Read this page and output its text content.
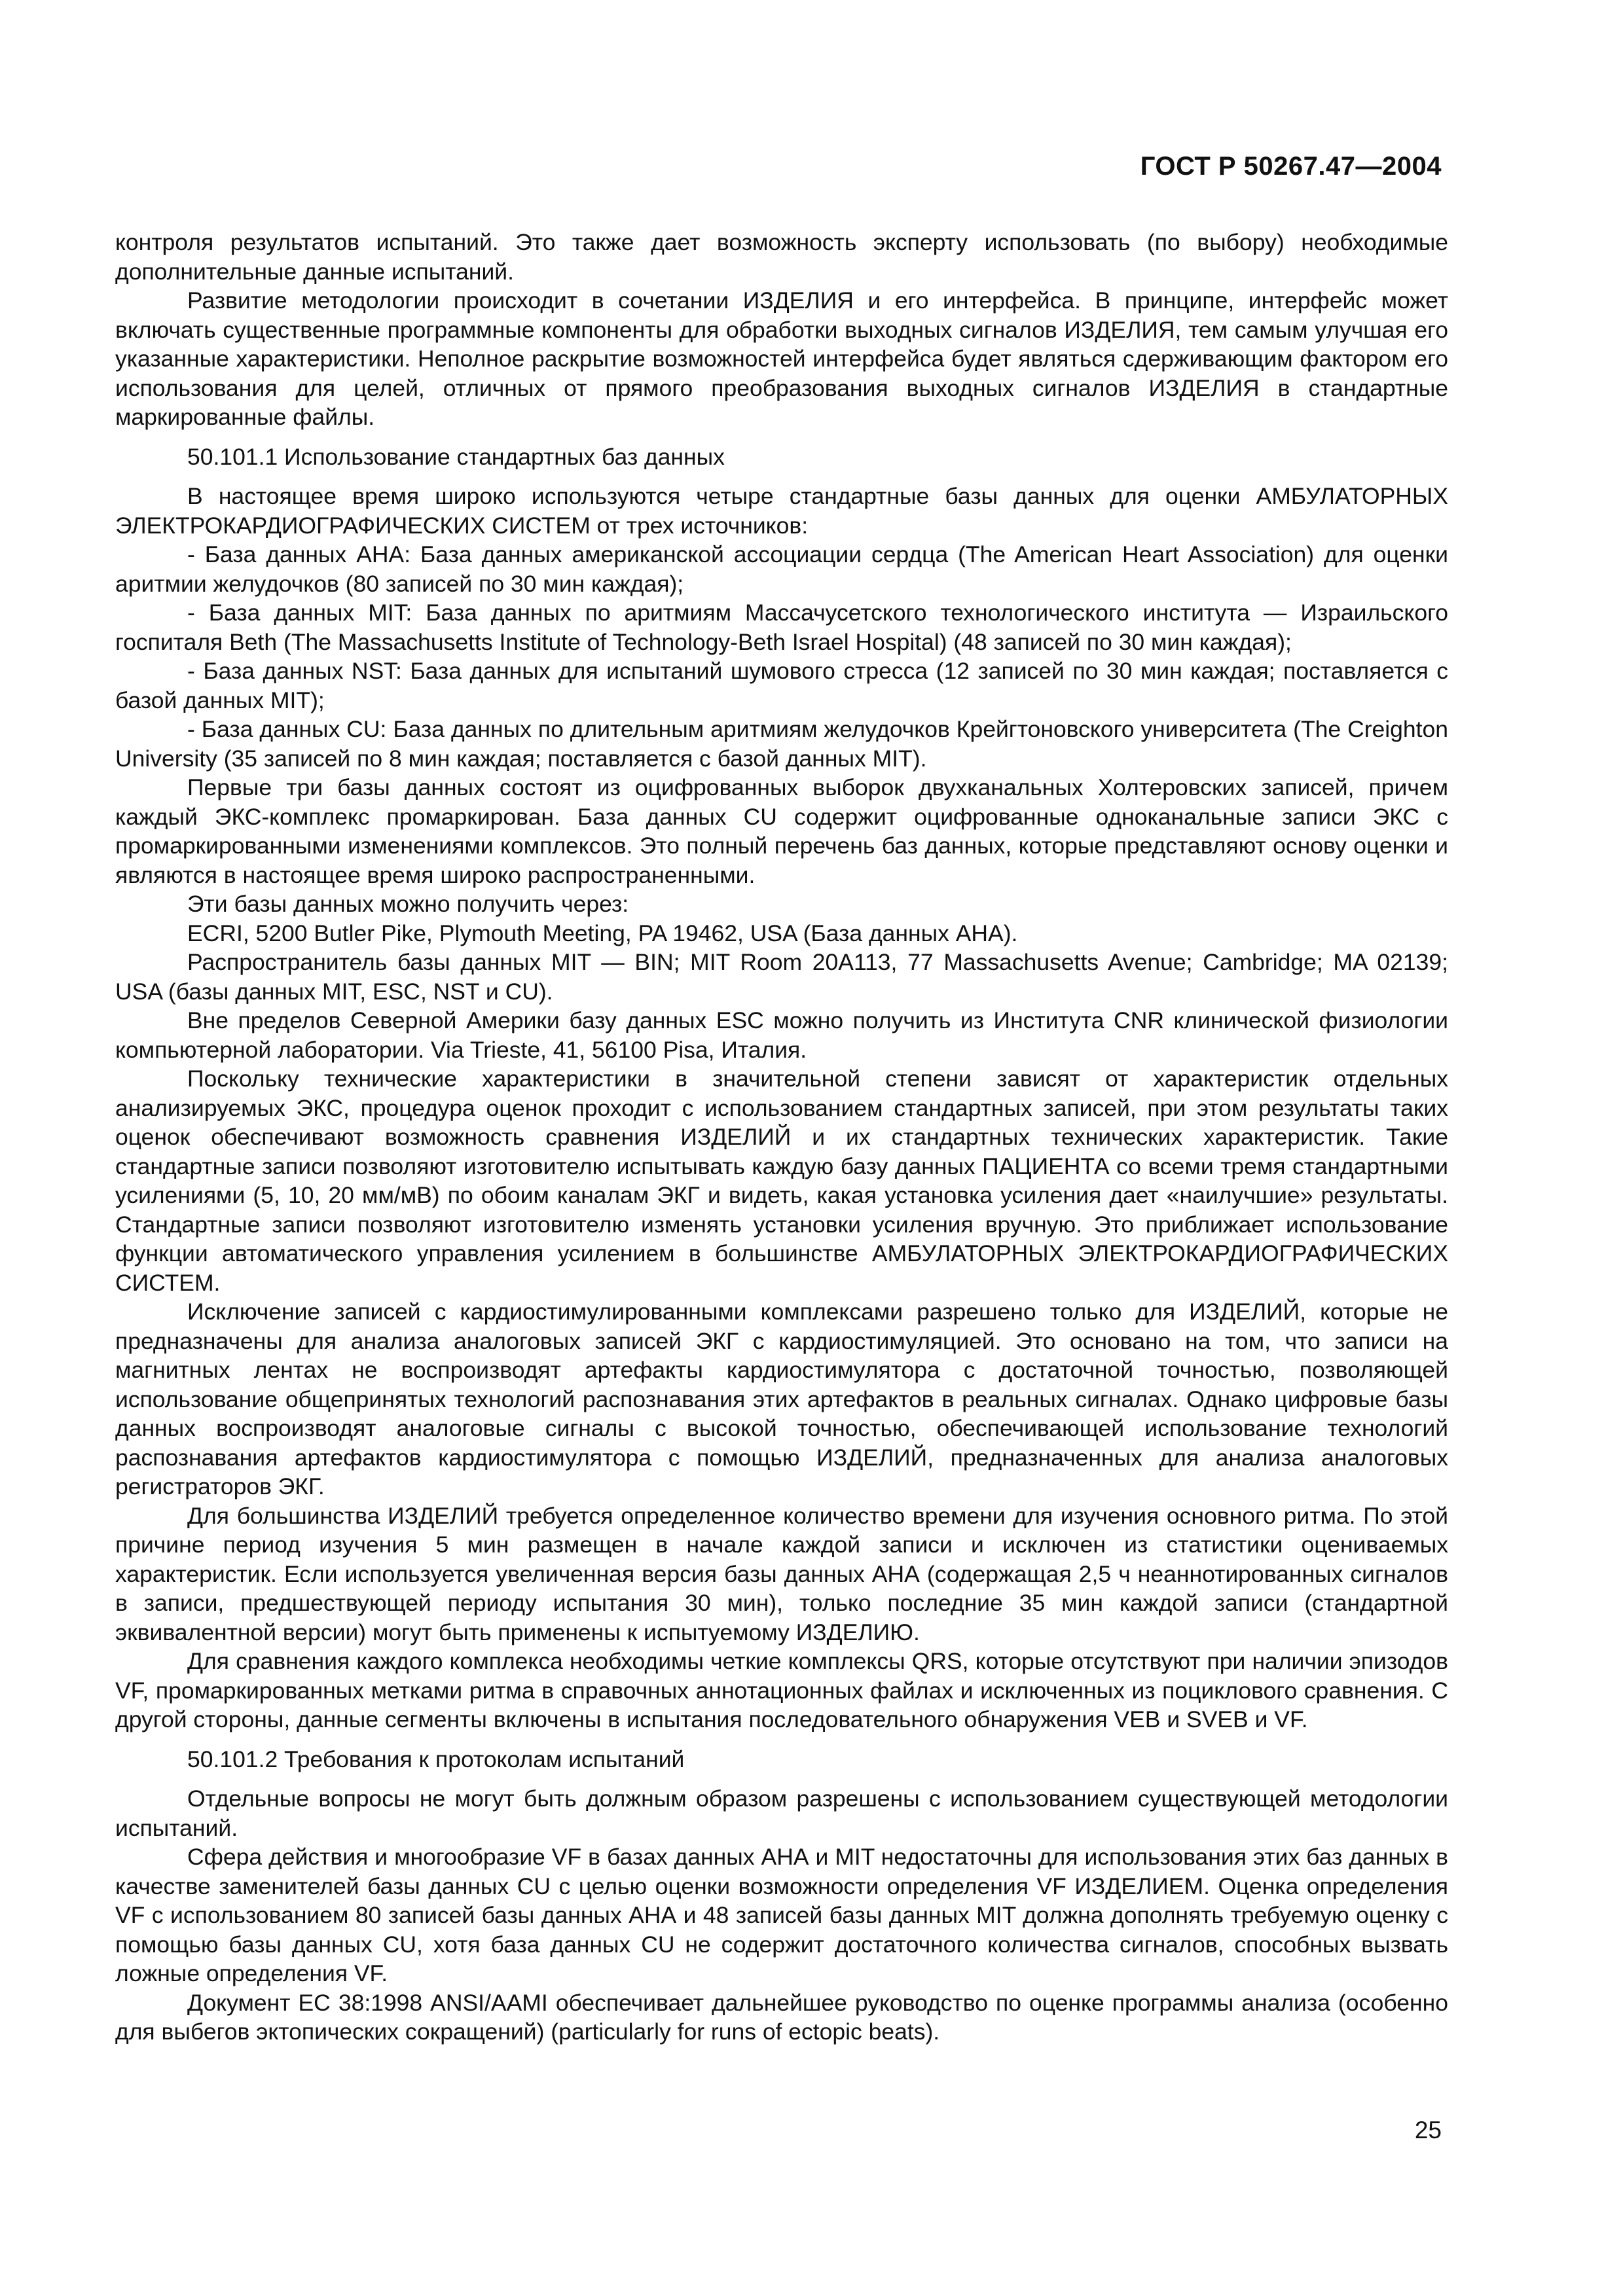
ГОСТ Р 50267.47—2004

контроля результатов испытаний. Это также дает возможность эксперту использовать (по выбору) необходимые дополнительные данные испытаний.

Развитие методологии происходит в сочетании ИЗДЕЛИЯ и его интерфейса. В принципе, интерфейс может включать существенные программные компоненты для обработки выходных сигналов ИЗДЕЛИЯ, тем самым улучшая его указанные характеристики. Неполное раскрытие возможностей интерфейса будет являться сдерживающим фактором его использования для целей, отличных от прямого преобразования выходных сигналов ИЗДЕЛИЯ в стандартные маркированные файлы.

50.101.1 Использование стандартных баз данных

В настоящее время широко используются четыре стандартные базы данных для оценки АМБУЛАТОРНЫХ ЭЛЕКТРОКАРДИОГРАФИЧЕСКИХ СИСТЕМ от трех источников:

- База данных АНА: База данных американской ассоциации сердца (The American Heart Association) для оценки аритмии желудочков (80 записей по 30 мин каждая);

- База данных MIT: База данных по аритмиям Массачусетского технологического института — Израильского госпиталя Beth (The Massachusetts Institute of Technology-Beth Israel Hospital) (48 записей по 30 мин каждая);

- База данных NST: База данных для испытаний шумового стресса (12 записей по 30 мин каждая; поставляется с базой данных MIT);

- База данных CU: База данных по длительным аритмиям желудочков Крейгтоновского университета (The Creighton University (35 записей по 8 мин каждая; поставляется с базой данных MIT).

Первые три базы данных состоят из оцифрованных выборок двухканальных Холтеровских записей, причем каждый ЭКС-комплекс промаркирован. База данных CU содержит оцифрованные одноканальные записи ЭКС с промаркированными изменениями комплексов. Это полный перечень баз данных, которые представляют основу оценки и являются в настоящее время широко распространенными.

Эти базы данных можно получить через:

ECRI, 5200 Butler Pike, Plymouth Meeting, PA 19462, USA (База данных АНА).

Распространитель базы данных MIT — BIN; MIT Room 20A113, 77 Massachusetts Avenue; Cambridge; MA 02139; USA (базы данных MIT, ESC, NST и CU).

Вне пределов Северной Америки базу данных ESC можно получить из Института CNR клинической физиологии компьютерной лаборатории. Via Trieste, 41, 56100 Pisa, Италия.

Поскольку технические характеристики в значительной степени зависят от характеристик отдельных анализируемых ЭКС, процедура оценок проходит с использованием стандартных записей, при этом результаты таких оценок обеспечивают возможность сравнения ИЗДЕЛИЙ и их стандартных технических характеристик. Такие стандартные записи позволяют изготовителю испытывать каждую базу данных ПАЦИЕНТА со всеми тремя стандартными усилениями (5, 10, 20 мм/мВ) по обоим каналам ЭКГ и видеть, какая установка усиления дает «наилучшие» результаты. Стандартные записи позволяют изготовителю изменять установки усиления вручную. Это приближает использование функции автоматического управления усилением в большинстве АМБУЛАТОРНЫХ ЭЛЕКТРОКАРДИОГРАФИЧЕСКИХ СИСТЕМ.

Исключение записей с кардиостимулированными комплексами разрешено только для ИЗДЕЛИЙ, которые не предназначены для анализа аналоговых записей ЭКГ с кардиостимуляцией. Это основано на том, что записи на магнитных лентах не воспроизводят артефакты кардиостимулятора с достаточной точностью, позволяющей использование общепринятых технологий распознавания этих артефактов в реальных сигналах. Однако цифровые базы данных воспроизводят аналоговые сигналы с высокой точностью, обеспечивающей использование технологий распознавания артефактов кардиостимулятора с помощью ИЗДЕЛИЙ, предназначенных для анализа аналоговых регистраторов ЭКГ.

Для большинства ИЗДЕЛИЙ требуется определенное количество времени для изучения основного ритма. По этой причине период изучения 5 мин размещен в начале каждой записи и исключен из статистики оцениваемых характеристик. Если используется увеличенная версия базы данных АНА (содержащая 2,5 ч неаннотированных сигналов в записи, предшествующей периоду испытания 30 мин), только последние 35 мин каждой записи (стандартной эквивалентной версии) могут быть применены к испытуемому ИЗДЕЛИЮ.

Для сравнения каждого комплекса необходимы четкие комплексы QRS, которые отсутствуют при наличии эпизодов VF, промаркированных метками ритма в справочных аннотационных файлах и исключенных из поциклового сравнения. С другой стороны, данные сегменты включены в испытания последовательного обнаружения VEB и SVEB и VF.

50.101.2 Требования к протоколам испытаний

Отдельные вопросы не могут быть должным образом разрешены с использованием существующей методологии испытаний.

Сфера действия и многообразие VF в базах данных АНА и MIT недостаточны для использования этих баз данных в качестве заменителей базы данных CU с целью оценки возможности определения VF ИЗДЕЛИЕМ. Оценка определения VF с использованием 80 записей базы данных АНА и 48 записей базы данных MIT должна дополнять требуемую оценку с помощью базы данных CU, хотя база данных CU не содержит достаточного количества сигналов, способных вызвать ложные определения VF.

Документ ЕС 38:1998 ANSI/AAMI обеспечивает дальнейшее руководство по оценке программы анализа (особенно для выбегов эктопических сокращений) (particularly for runs of ectopic beats).

25
